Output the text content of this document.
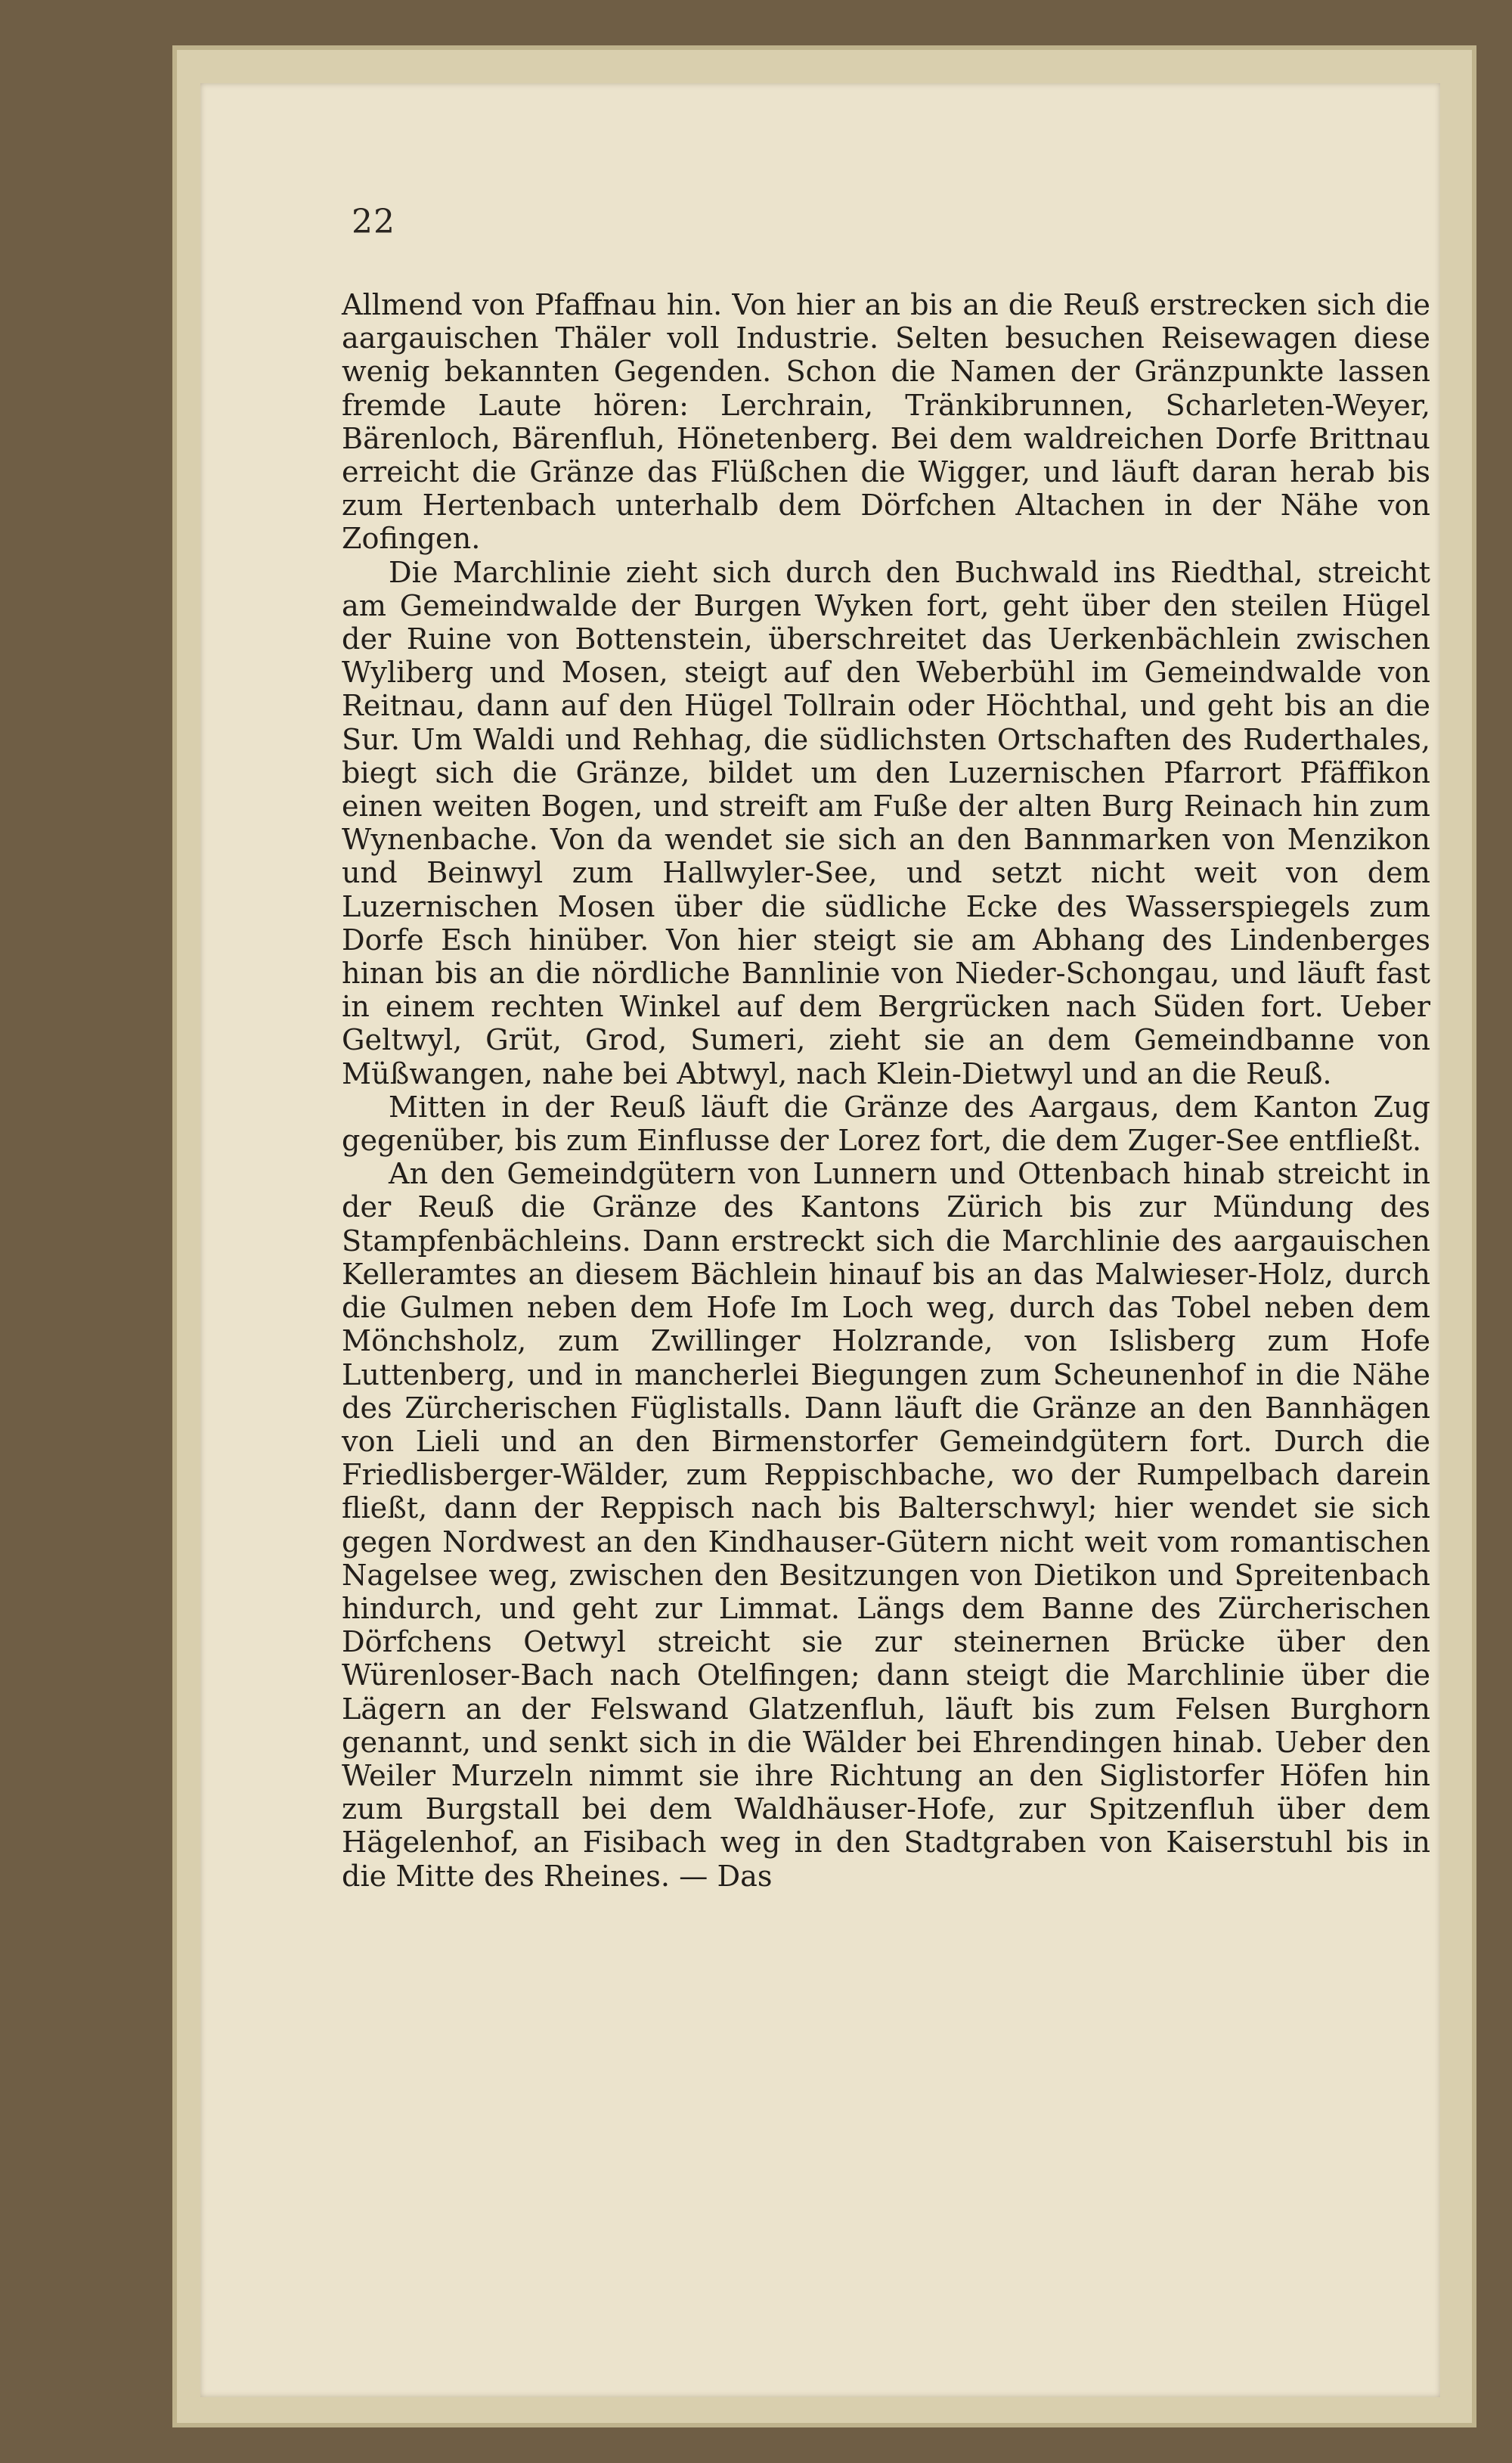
22

Allmend von Pfaffnau hin. Von hier an bis an die Reuß erstrecken sich die aargauischen Thäler voll Industrie. Selten besuchen Reisewagen diese wenig bekannten Gegenden. Schon die Namen der Gränzpunkte lassen fremde Laute hören: Lerchrain, Tränkibrunnen, Scharleten-Weyer, Bärenloch, Bärenfluh, Hönetenberg. Bei dem waldreichen Dorfe Brittnau erreicht die Gränze das Flüßchen die Wigger, und läuft daran herab bis zum Hertenbach unterhalb dem Dörfchen Altachen in der Nähe von Zofingen.

Die Marchlinie zieht sich durch den Buchwald ins Riedthal, streicht am Gemeindwalde der Burgen Wyken fort, geht über den steilen Hügel der Ruine von Bottenstein, überschreitet das Uerkenbächlein zwischen Wyliberg und Mosen, steigt auf den Weberbühl im Gemeindwalde von Reitnau, dann auf den Hügel Tollrain oder Höchthal, und geht bis an die Sur. Um Waldi und Rehhag, die südlichsten Ortschaften des Ruderthales, biegt sich die Gränze, bildet um den Luzernischen Pfarrort Pfäffikon einen weiten Bogen, und streift am Fuße der alten Burg Reinach hin zum Wynenbache. Von da wendet sie sich an den Bannmarken von Menzikon und Beinwyl zum Hallwyler-See, und setzt nicht weit von dem Luzernischen Mosen über die südliche Ecke des Wasserspiegels zum Dorfe Esch hinüber. Von hier steigt sie am Abhang des Lindenberges hinan bis an die nördliche Bannlinie von Nieder-Schongau, und läuft fast in einem rechten Winkel auf dem Bergrücken nach Süden fort. Ueber Geltwyl, Grüt, Grod, Sumeri, zieht sie an dem Gemeindbanne von Müßwangen, nahe bei Abtwyl, nach Klein-Dietwyl und an die Reuß.

Mitten in der Reuß läuft die Gränze des Aargaus, dem Kanton Zug gegenüber, bis zum Einflusse der Lorez fort, die dem Zuger-See entfließt.

An den Gemeindgütern von Lunnern und Ottenbach hinab streicht in der Reuß die Gränze des Kantons Zürich bis zur Mündung des Stampfenbächleins. Dann erstreckt sich die Marchlinie des aargauischen Kelleramtes an diesem Bächlein hinauf bis an das Malwieser-Holz, durch die Gulmen neben dem Hofe Im Loch weg, durch das Tobel neben dem Mönchsholz, zum Zwillinger Holzrande, von Islisberg zum Hofe Luttenberg, und in mancherlei Biegungen zum Scheunenhof in die Nähe des Zürcherischen Füglistalls. Dann läuft die Gränze an den Bannhägen von Lieli und an den Birmenstorfer Gemeindgütern fort. Durch die Friedlisberger-Wälder, zum Reppischbache, wo der Rumpelbach darein fließt, dann der Reppisch nach bis Balterschwyl; hier wendet sie sich gegen Nordwest an den Kindhauser-Gütern nicht weit vom romantischen Nagelsee weg, zwischen den Besitzungen von Dietikon und Spreitenbach hindurch, und geht zur Limmat. Längs dem Banne des Zürcherischen Dörfchens Oetwyl streicht sie zur steinernen Brücke über den Würenloser-Bach nach Otelfingen; dann steigt die Marchlinie über die Lägern an der Felswand Glatzenfluh, läuft bis zum Felsen Burghorn genannt, und senkt sich in die Wälder bei Ehrendingen hinab. Ueber den Weiler Murzeln nimmt sie ihre Richtung an den Siglistorfer Höfen hin zum Burgstall bei dem Waldhäuser-Hofe, zur Spitzenfluh über dem Hägelenhof, an Fisibach weg in den Stadtgraben von Kaiserstuhl bis in die Mitte des Rheines. — Das
